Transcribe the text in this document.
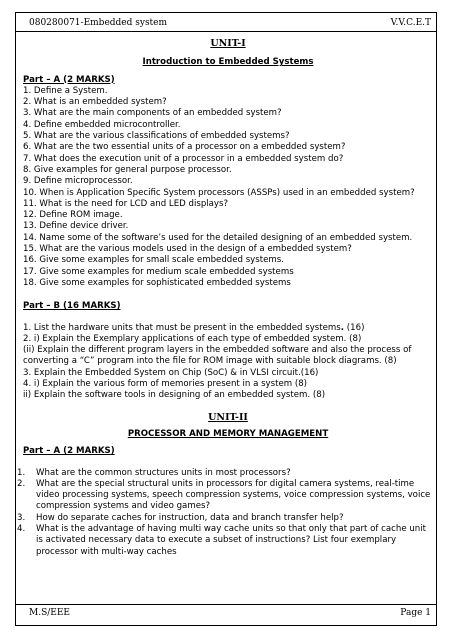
080280071-Embedded system	V.V.C.E.T
UNIT-I
Introduction to Embedded Systems
Part – A (2 MARKS)
1. Define a System.
2. What is an embedded system?
3. What are the main components of an embedded system?
4. Define embedded microcontroller.
5. What are the various classifications of embedded systems?
6. What are the two essential units of a processor on a embedded system?
7. What does the execution unit of a processor in a embedded system do?
8. Give examples for general purpose processor.
9. Define microprocessor.
10. When is Application Specific System processors (ASSPs) used in an embedded system?
11. What is the need for LCD and LED displays?
12. Define ROM image.
13. Define device driver.
14. Name some of the software’s used for the detailed designing of an embedded system.
15. What are the various models used in the design of a embedded system?
16. Give some examples for small scale embedded systems.
17. Give some examples for medium scale embedded systems
18. Give some examples for sophisticated embedded systems
Part – B (16 MARKS)
1. List the hardware units that must be present in the embedded systems. (16)
2. i) Explain the Exemplary applications of each type of embedded system. (8)
(ii) Explain the different program layers in the embedded software and also the process of
converting a “C” program into the file for ROM image with suitable block diagrams. (8)
3. Explain the Embedded System on Chip (SoC) & in VLSI circuit.(16)
4. i) Explain the various form of memories present in a system (8)
ii) Explain the software tools in designing of an embedded system. (8)
UNIT-II
PROCESSOR AND MEMORY MANAGEMENT
Part – A (2 MARKS)
1. What are the common structures units in most processors?
2. What are the special structural units in processors for digital camera systems, real-time video processing systems, speech compression systems, voice compression systems, voice compression systems and video games?
3. How do separate caches for instruction, data and branch transfer help?
4. What is the advantage of having multi way cache units so that only that part of cache unit is activated necessary data to execute a subset of instructions? List four exemplary processor with multi-way caches
M.S/EEE	Page 1
